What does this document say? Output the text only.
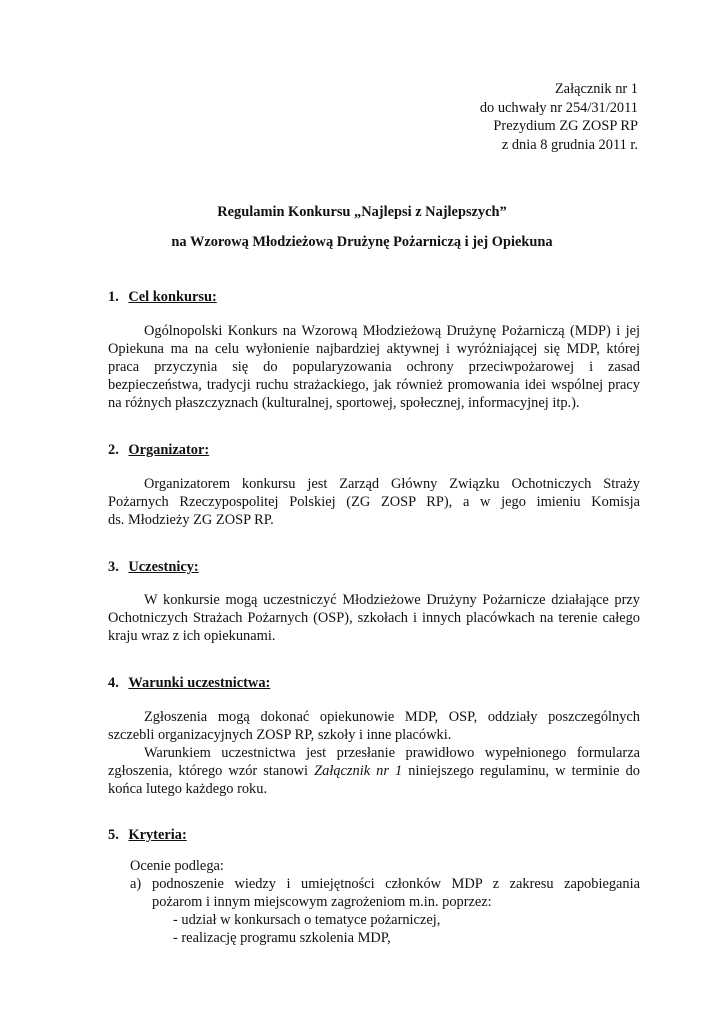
Załącznik nr 1
do uchwały nr 254/31/2011
Prezydium ZG ZOSP RP
z dnia 8 grudnia 2011 r.
Regulamin Konkursu „Najlepsi z Najlepszych”
na Wzorową Młodzieżową Drużynę Pożarniczą i jej Opiekuna
1. Cel konkursu:
Ogólnopolski Konkurs na Wzorową Młodzieżową Drużynę Pożarniczą (MDP) i jej
Opiekuna ma na celu wyłonienie najbardziej aktywnej i wyróżniającej się MDP, której
praca przyczynia się do popularyzowania ochrony przeciwpożarowej i zasad
bezpieczeństwa, tradycji ruchu strażackiego, jak również promowania idei wspólnej pracy
na różnych płaszczyznach (kulturalnej, sportowej, społecznej, informacyjnej itp.).
2. Organizator:
Organizatorem konkursu jest Zarząd Główny Związku Ochotniczych Straży
Pożarnych Rzeczypospolitej Polskiej (ZG ZOSP RP), a w jego imieniu Komisja
ds. Młodzieży ZG ZOSP RP.
3. Uczestnicy:
W konkursie mogą uczestniczyć Młodzieżowe Drużyny Pożarnicze działające przy
Ochotniczych Strażach Pożarnych (OSP), szkołach i innych placówkach na terenie całego
kraju wraz z ich opiekunami.
4. Warunki uczestnictwa:
Zgłoszenia mogą dokonać opiekunowie MDP, OSP, oddziały poszczególnych
szczebli organizacyjnych ZOSP RP, szkoły i inne placówki.
Warunkiem uczestnictwa jest przesłanie prawidłowo wypełnionego formularza
zgłoszenia, którego wzór stanowi Załącznik nr 1 niniejszego regulaminu, w terminie do
końca lutego każdego roku.
5. Kryteria:
Ocenie podlega:
a) podnoszenie wiedzy i umiejętności członków MDP z zakresu zapobiegania
pożarom i innym miejscowym zagrożeniom m.in. poprzez:
- udział w konkursach o tematyce pożarniczej,
- realizację programu szkolenia MDP,
